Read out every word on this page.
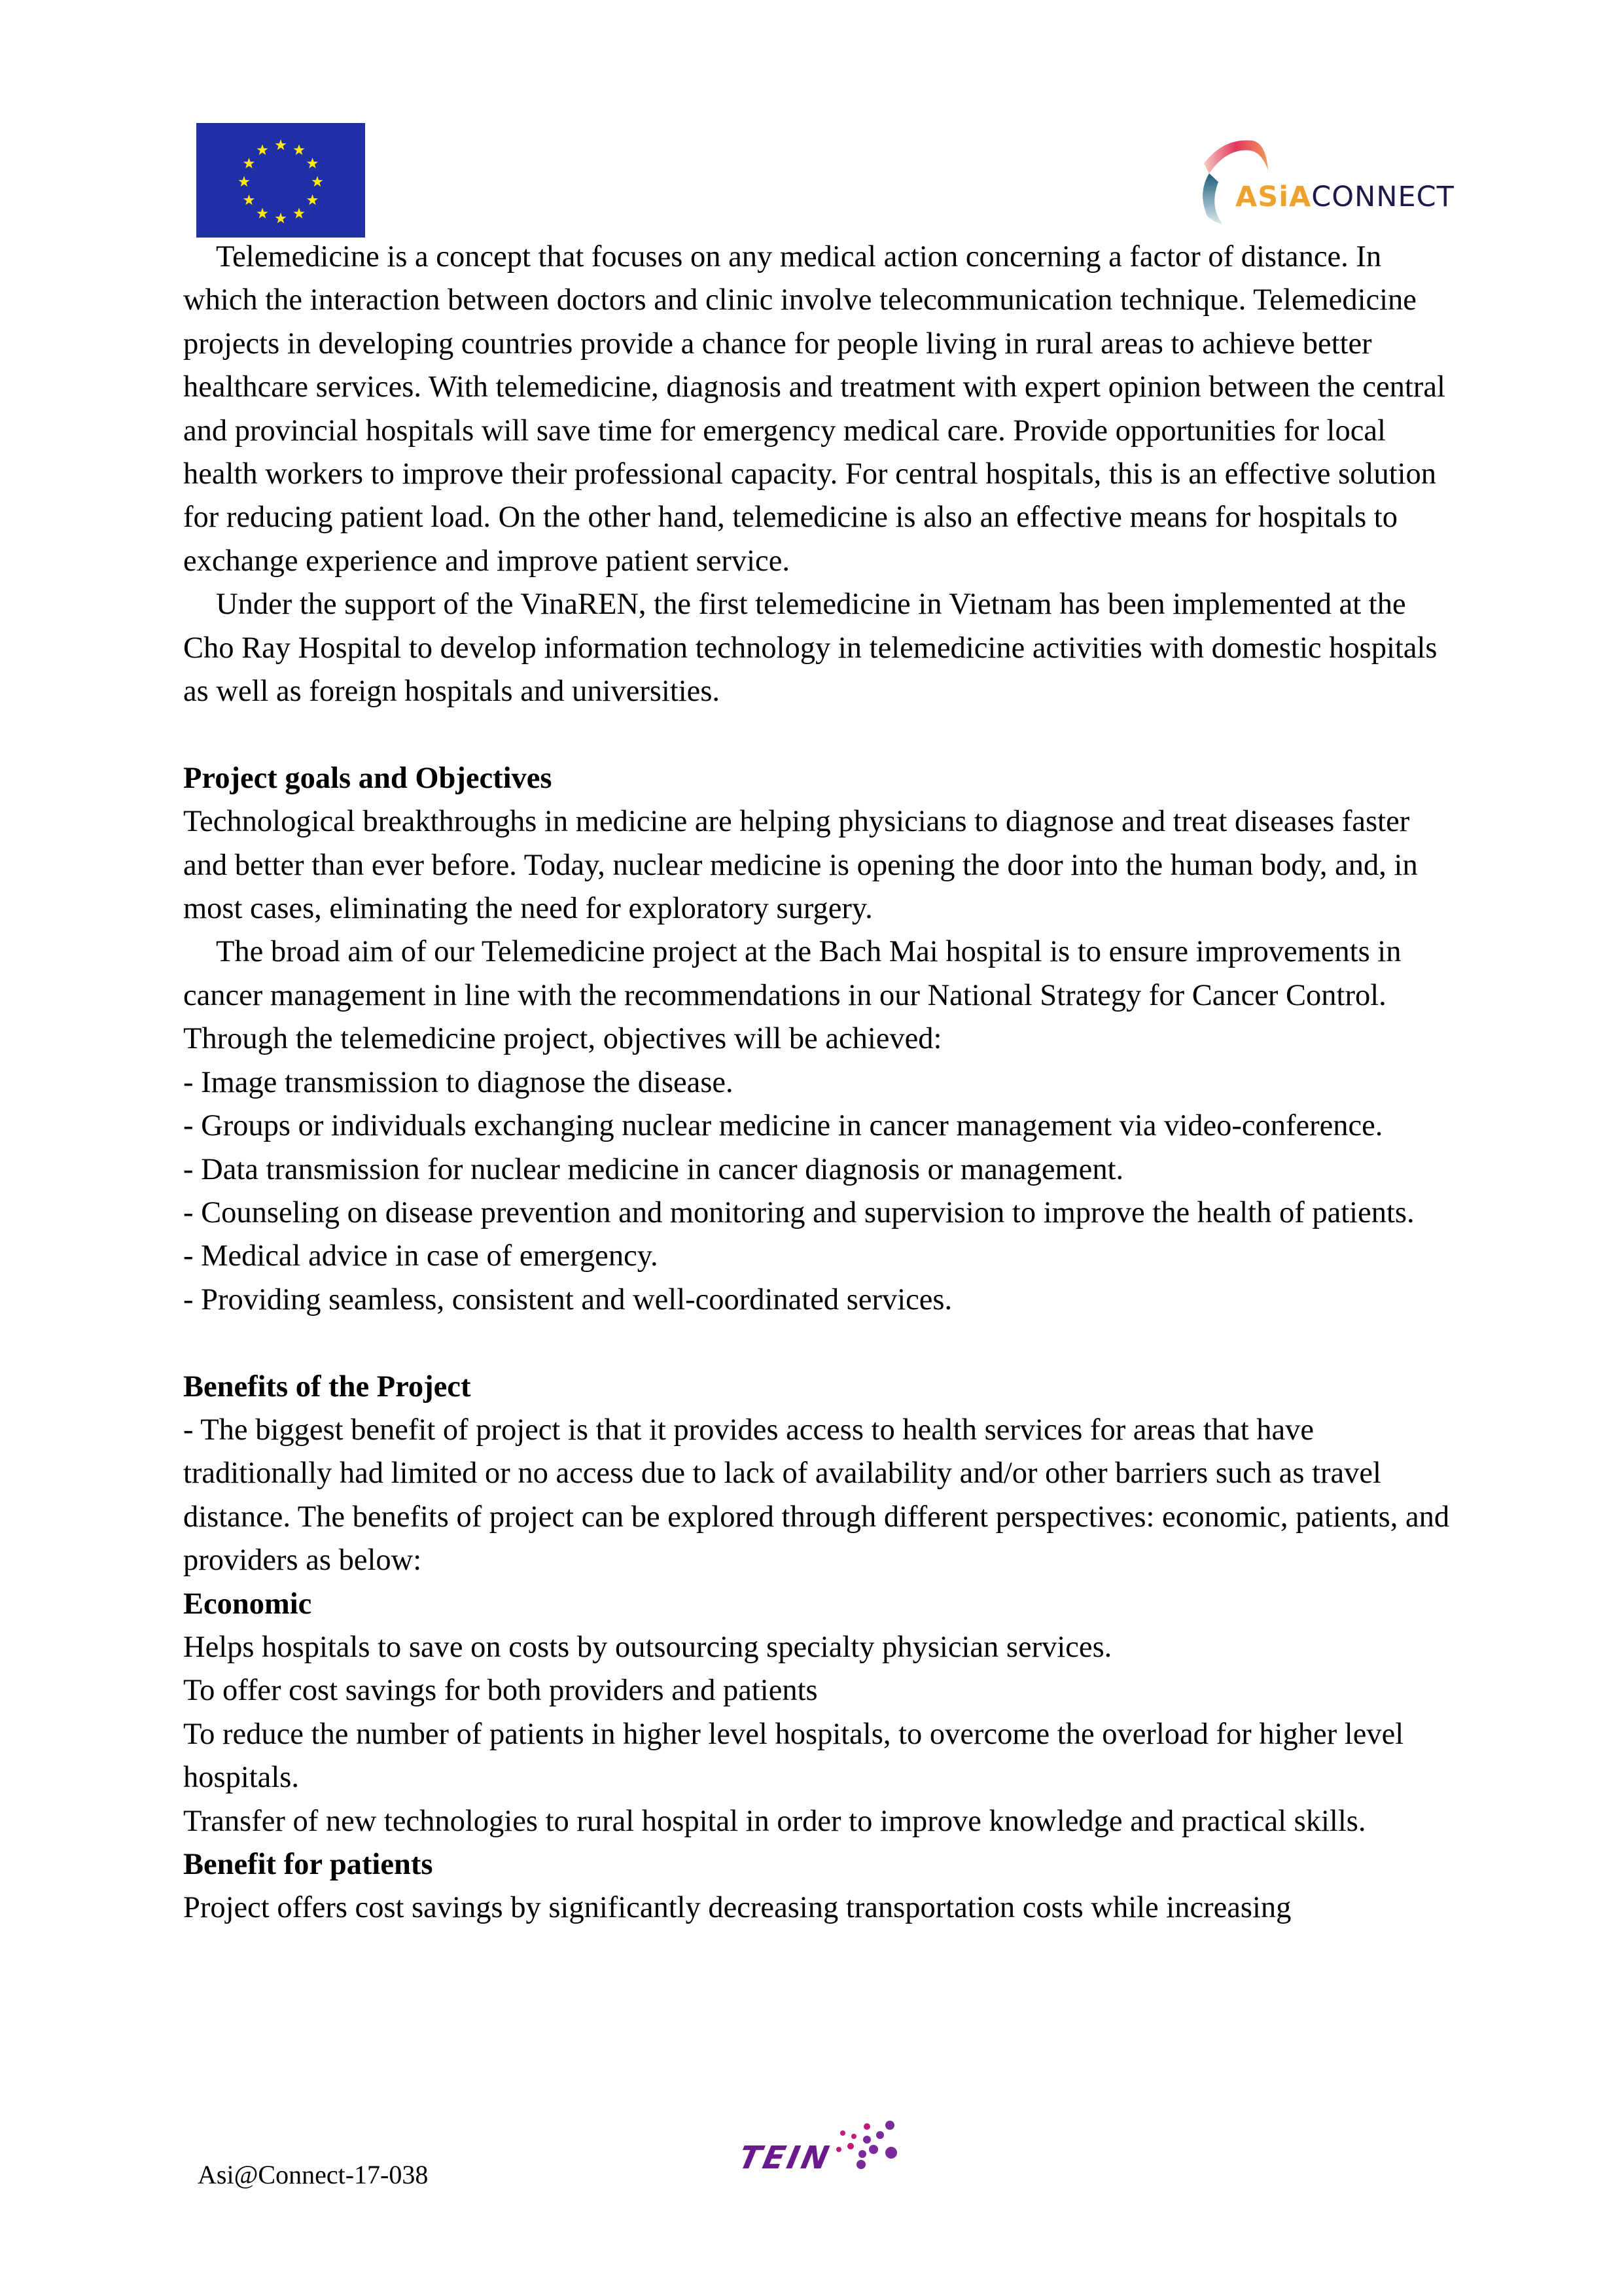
ASiACONNECT

Telemedicine is a concept that focuses on any medical action concerning a factor of distance. In which the interaction between doctors and clinic involve telecommunication technique. Telemedicine projects in developing countries provide a chance for people living in rural areas to achieve better healthcare services. With telemedicine, diagnosis and treatment with expert opinion between the central and provincial hospitals will save time for emergency medical care. Provide opportunities for local health workers to improve their professional capacity. For central hospitals, this is an effective solution for reducing patient load. On the other hand, telemedicine is also an effective means for hospitals to exchange experience and improve patient service.

Under the support of the VinaREN, the first telemedicine in Vietnam has been implemented at the Cho Ray Hospital to develop information technology in telemedicine activities with domestic hospitals as well as foreign hospitals and universities.

Project goals and Objectives

Technological breakthroughs in medicine are helping physicians to diagnose and treat diseases faster and better than ever before. Today, nuclear medicine is opening the door into the human body, and, in most cases, eliminating the need for exploratory surgery.

The broad aim of our Telemedicine project at the Bach Mai hospital is to ensure improvements in cancer management in line with the recommendations in our National Strategy for Cancer Control. Through the telemedicine project, objectives will be achieved:

- Image transmission to diagnose the disease.

- Groups or individuals exchanging nuclear medicine in cancer management via video-conference.

- Data transmission for nuclear medicine in cancer diagnosis or management.

- Counseling on disease prevention and monitoring and supervision to improve the health of patients.

- Medical advice in case of emergency.

- Providing seamless, consistent and well-coordinated services.

Benefits of the Project

- The biggest benefit of project is that it provides access to health services for areas that have traditionally had limited or no access due to lack of availability and/or other barriers such as travel distance. The benefits of project can be explored through different perspectives: economic, patients, and providers as below:

Economic

Helps hospitals to save on costs by outsourcing specialty physician services.

To offer cost savings for both providers and patients

To reduce the number of patients in higher level hospitals, to overcome the overload for higher level hospitals.

Transfer of new technologies to rural hospital in order to improve knowledge and practical skills.

Benefit for patients

Project offers cost savings by significantly decreasing transportation costs while increasing

Asi@Connect-17-038	TEIN
